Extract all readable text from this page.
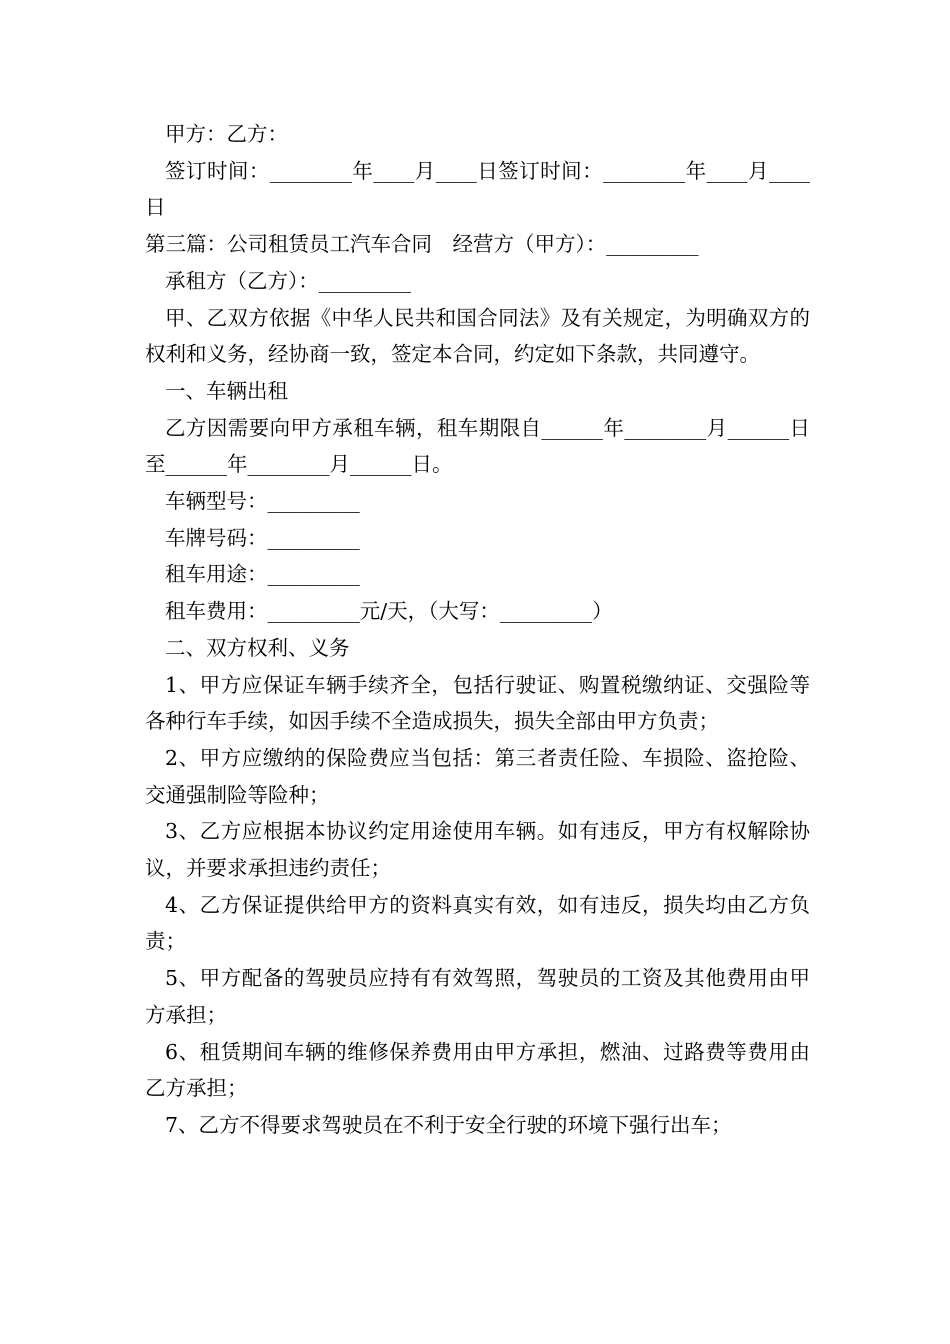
甲方：乙方：

签订时间：________年____月____日签订时间：________年____月____日

第三篇：公司租赁员工汽车合同　经营方（甲方）：_________

承租方（乙方）：_________

甲、乙双方依据《中华人民共和国合同法》及有关规定，为明确双方的权利和义务，经协商一致，签定本合同，约定如下条款，共同遵守。

一、车辆出租

乙方因需要向甲方承租车辆，租车期限自______年________月______日至______年________月______日。

车辆型号：_________

车牌号码：_________

租车用途：_________

租车费用：_________元/天，（大写：_________）

二、双方权利、义务

1、甲方应保证车辆手续齐全，包括行驶证、购置税缴纳证、交强险等各种行车手续，如因手续不全造成损失，损失全部由甲方负责；

2、甲方应缴纳的保险费应当包括：第三者责任险、车损险、盗抢险、交通强制险等险种；

3、乙方应根据本协议约定用途使用车辆。如有违反，甲方有权解除协议，并要求承担违约责任；

4、乙方保证提供给甲方的资料真实有效，如有违反，损失均由乙方负责；

5、甲方配备的驾驶员应持有有效驾照，驾驶员的工资及其他费用由甲方承担；

6、租赁期间车辆的维修保养费用由甲方承担，燃油、过路费等费用由乙方承担；

7、乙方不得要求驾驶员在不利于安全行驶的环境下强行出车；
